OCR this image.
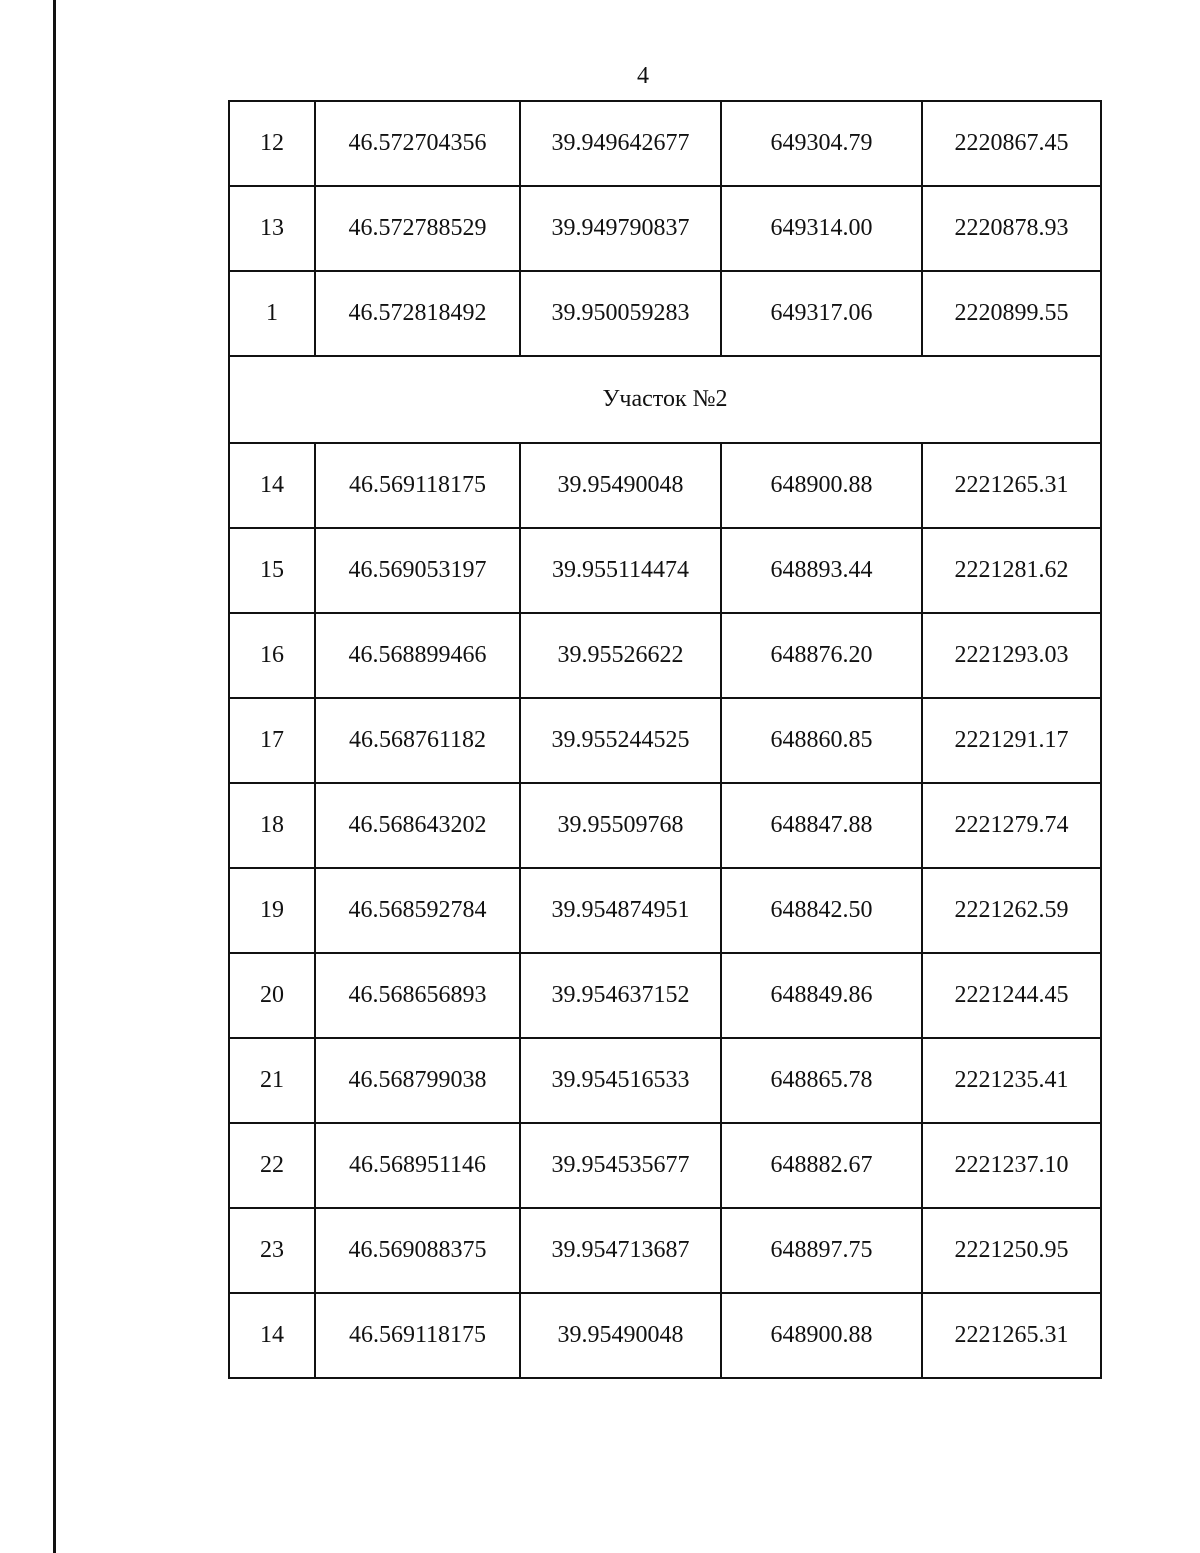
4
12	46.572704356	39.949642677	649304.79	2220867.45
13	46.572788529	39.949790837	649314.00	2220878.93
1	46.572818492	39.950059283	649317.06	2220899.55
Участок №2				
14	46.569118175	39.95490048	648900.88	2221265.31
15	46.569053197	39.955114474	648893.44	2221281.62
16	46.568899466	39.95526622	648876.20	2221293.03
17	46.568761182	39.955244525	648860.85	2221291.17
18	46.568643202	39.95509768	648847.88	2221279.74
19	46.568592784	39.954874951	648842.50	2221262.59
20	46.568656893	39.954637152	648849.86	2221244.45
21	46.568799038	39.954516533	648865.78	2221235.41
22	46.568951146	39.954535677	648882.67	2221237.10
23	46.569088375	39.954713687	648897.75	2221250.95
14	46.569118175	39.95490048	648900.88	2221265.31
